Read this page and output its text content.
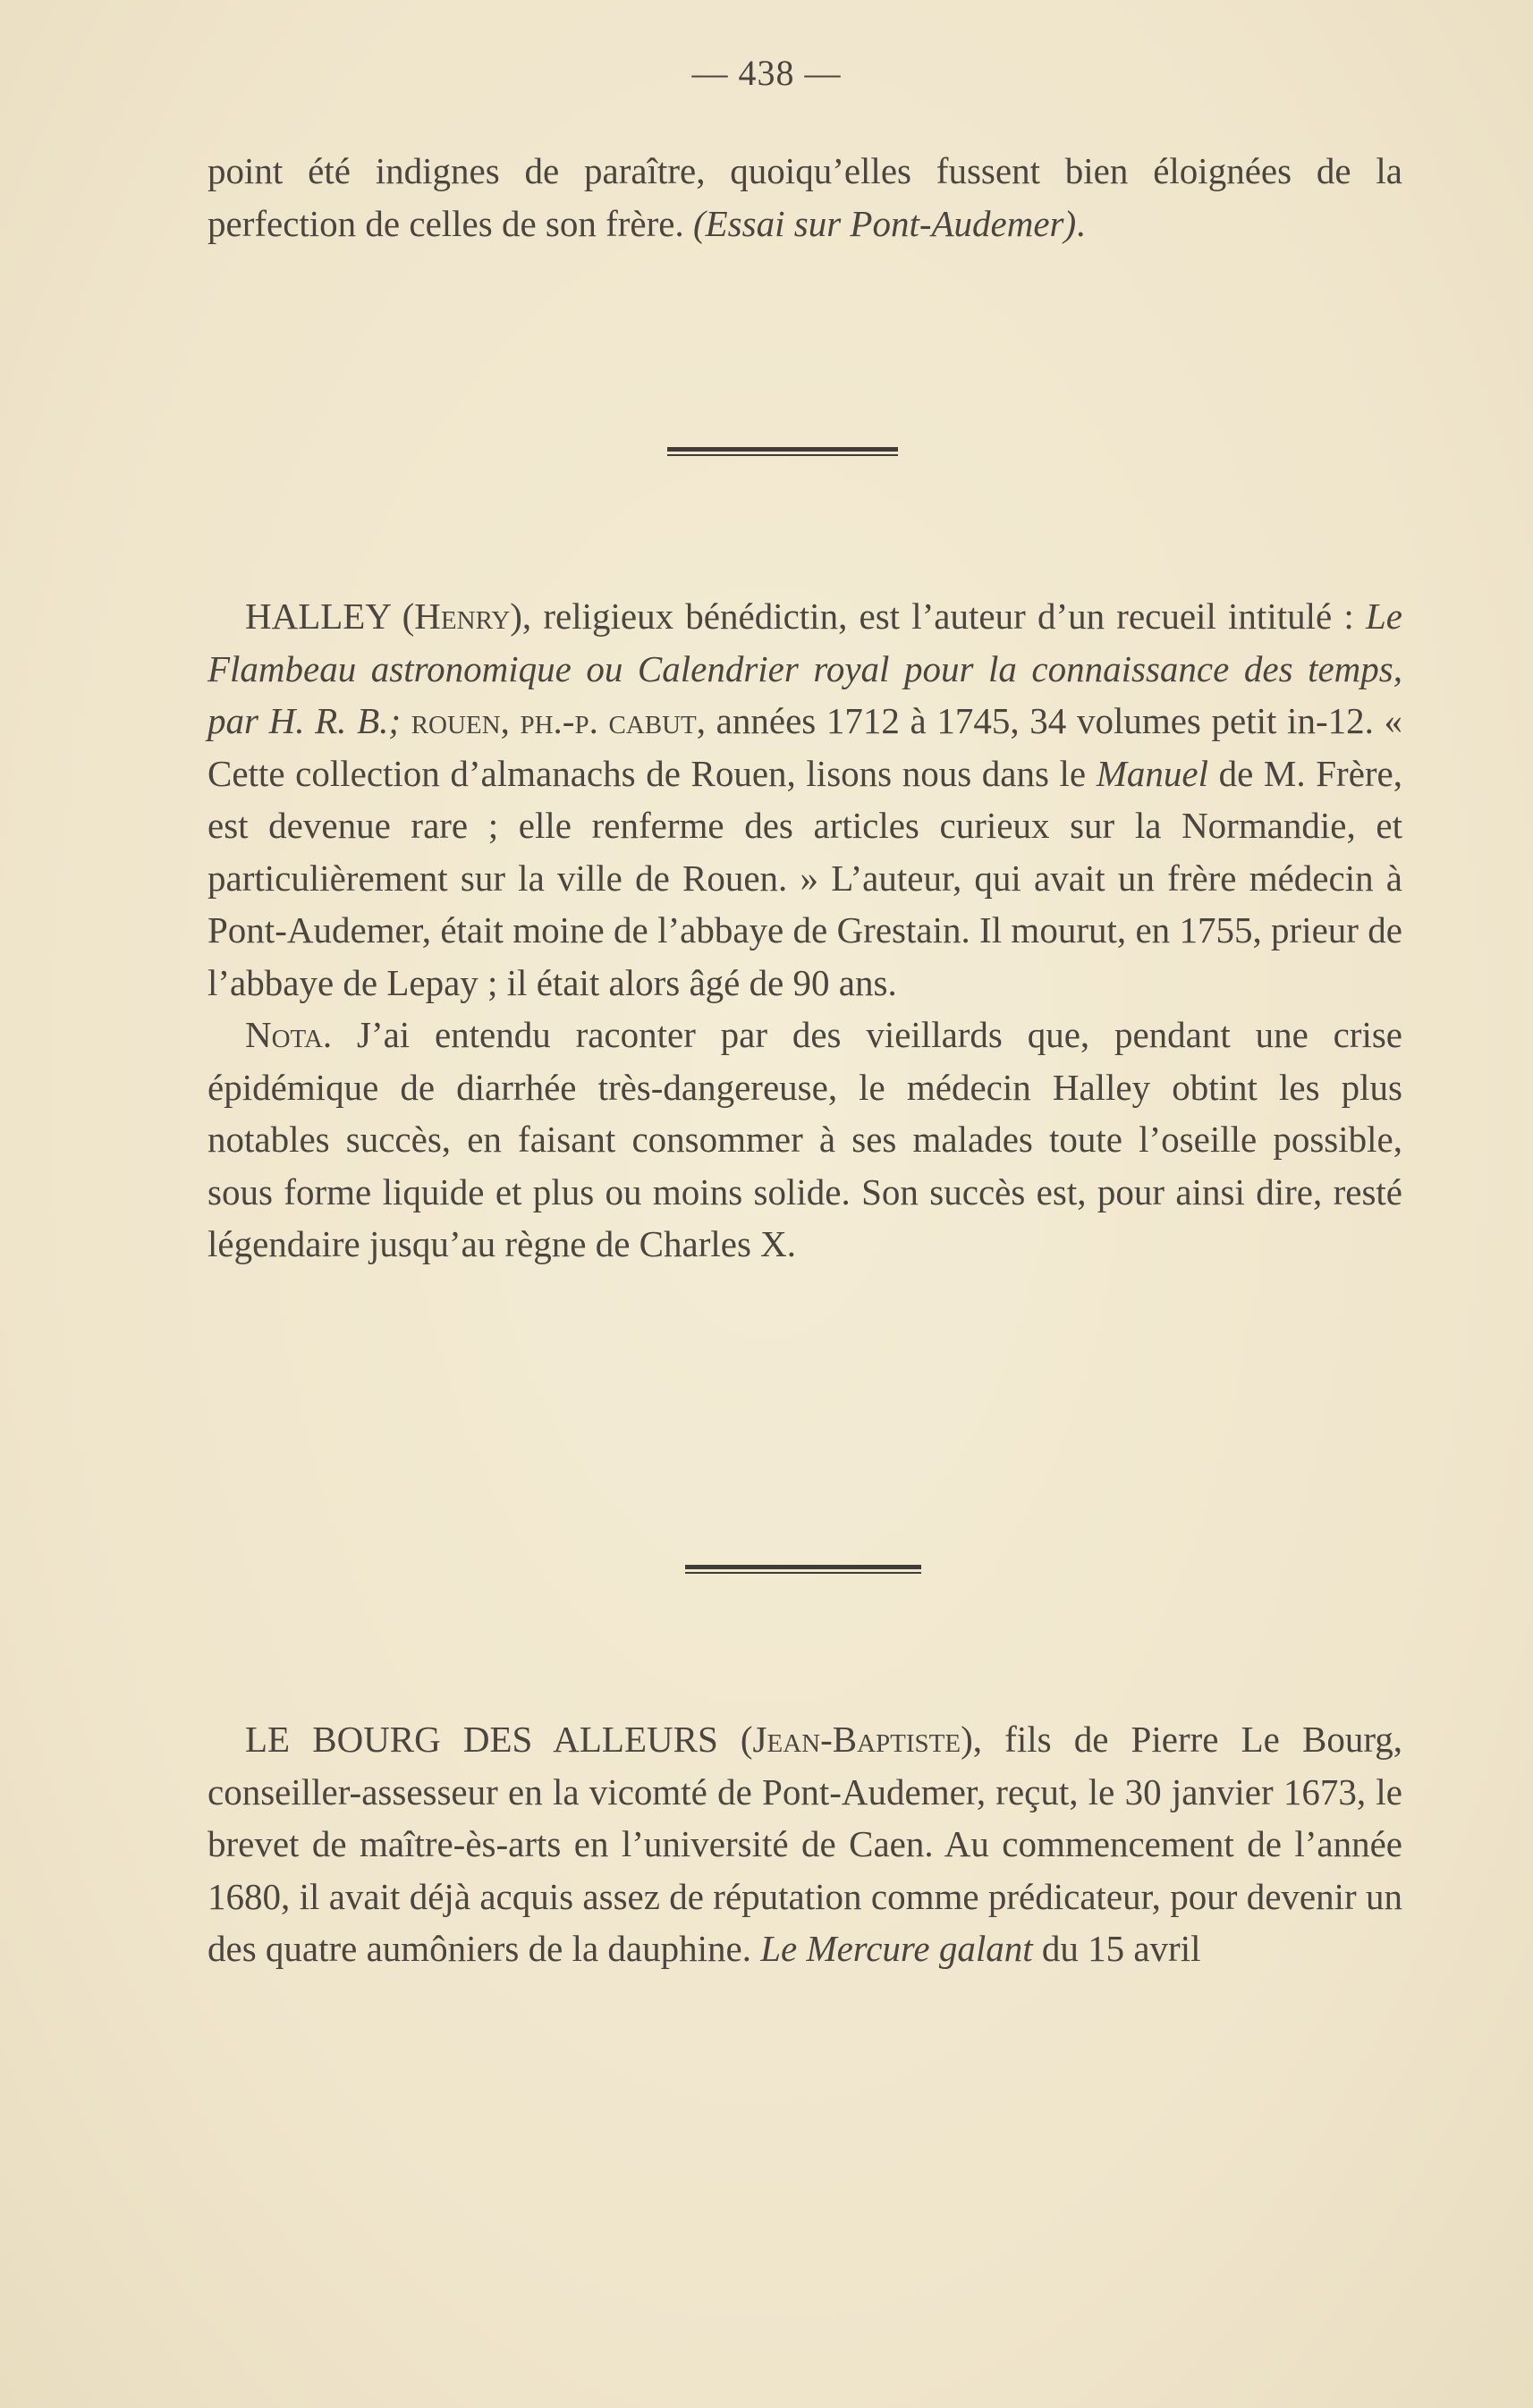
— 438 —

point été indignes de paraître, quoiqu’elles fussent bien éloignées de la perfection de celles de son frère. (Essai sur Pont-Audemer).

HALLEY (Henry), religieux bénédictin, est l’auteur d’un recueil intitulé : Le Flambeau astronomique ou Calendrier royal pour la connaissance des temps, par H. R. B.; rouen, ph.-p. cabut, années 1712 à 1745, 34 volumes petit in-12. « Cette collection d’almanachs de Rouen, lisons nous dans le Manuel de M. Frère, est devenue rare ; elle renferme des articles curieux sur la Normandie, et particulièrement sur la ville de Rouen. » L’auteur, qui avait un frère médecin à Pont-Audemer, était moine de l’abbaye de Grestain. Il mourut, en 1755, prieur de l’abbaye de Lepay ; il était alors âgé de 90 ans.

Nota. J’ai entendu raconter par des vieillards que, pendant une crise épidémique de diarrhée très-dangereuse, le médecin Halley obtint les plus notables succès, en faisant consommer à ses malades toute l’oseille possible, sous forme liquide et plus ou moins solide. Son succès est, pour ainsi dire, resté légendaire jusqu’au règne de Charles X.

LE BOURG DES ALLEURS (Jean-Baptiste), fils de Pierre Le Bourg, conseiller-assesseur en la vicomté de Pont-Audemer, reçut, le 30 janvier 1673, le brevet de maître-ès-arts en l’université de Caen. Au commencement de l’année 1680, il avait déjà acquis assez de réputation comme prédicateur, pour devenir un des quatre aumôniers de la dauphine. Le Mercure galant du 15 avril
